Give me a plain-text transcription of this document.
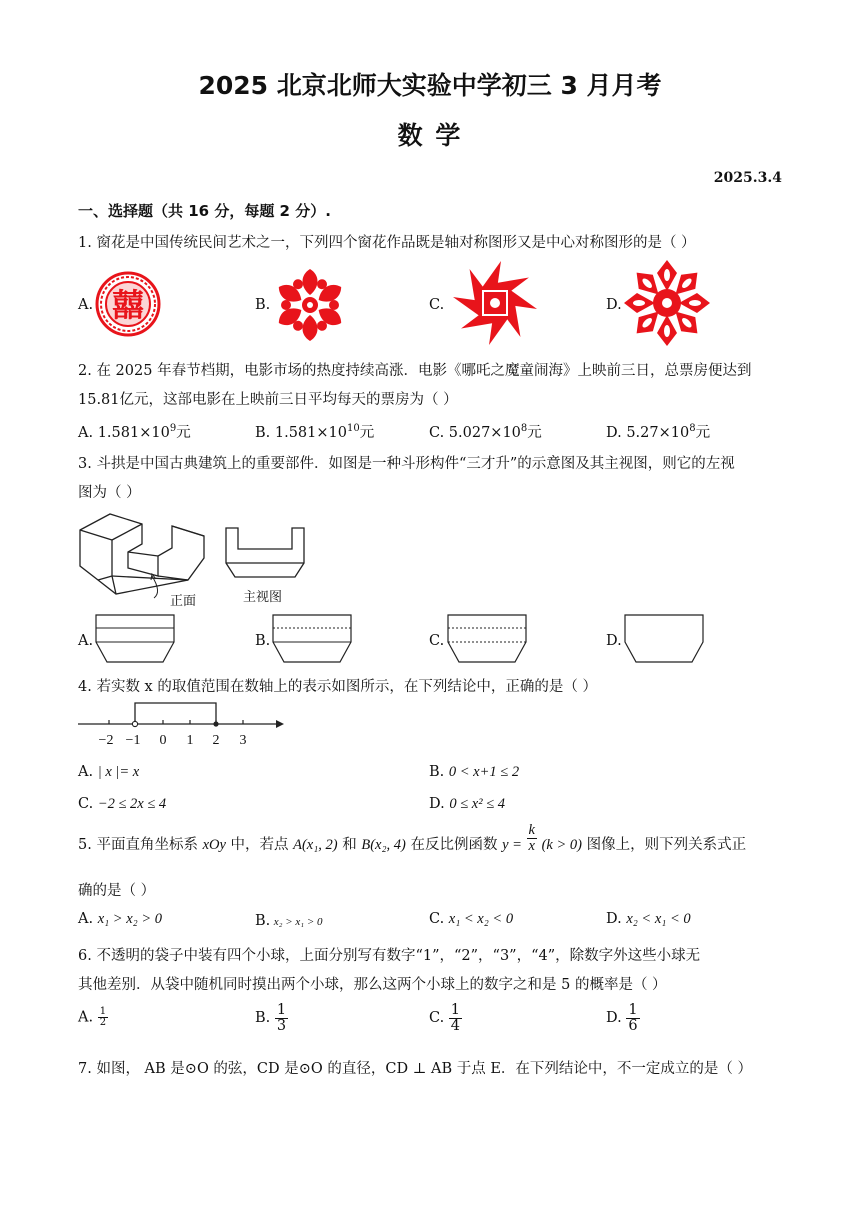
2025 北京北师大实验中学初三 3 月月考
数 学
2025.3.4
一、选择题（共 16 分，每题 2 分）.
1. 窗花是中国传统民间艺术之一，下列四个窗花作品既是轴对称图形又是中心对称图形的是（ ）
A.	B.	C.	D.
囍
2. 在 2025 年春节档期，电影市场的热度持续高涨．电影《哪吒之魔童闹海》上映前三日，总票房便达到
15.81亿元，这部电影在上映前三日平均每天的票房为（ ）
A. $1.581\times 10^9$元	B. $1.581\times 10^{10}$元	C. $5.027\times 10^8$元	D. $5.27\times 10^8$元
3. 斗拱是中国古典建筑上的重要部件．如图是一种斗形构件“三才升”的示意图及其主视图，则它的左视
图为（ ）
正面	主视图
A.	B.	C.	D.
4. 若实数 x 的取值范围在数轴上的表示如图所示，在下列结论中，正确的是（ ）
−2 −1 0 1 2 3
A. | x |= x	B. 0 < x+1 ≤ 2
C. −2 ≤ 2x ≤ 4	D. 0 ≤ x² ≤ 4
5. 平面直角坐标系 xOy 中，若点 A(x₁, 2) 和 B(x₂, 4) 在反比例函数 $y = \frac{k}{x} (k > 0)$ 图像上，则下列关系式正
确的是（ ）
A. x₁ > x₂ > 0	B. x₂ > x₁ > 0	C. x₁ < x₂ < 0	D. x₂ < x₁ < 0
6. 不透明的袋子中装有四个小球，上面分别写有数字“1”，“2”，“3”，“4”，除数字外这些小球无
其他差别．从袋中随机同时摸出两个小球，那么这两个小球上的数字之和是 5 的概率是（ ）
A. $\frac{1}{2}$	B. $\frac{1}{3}$	C. $\frac{1}{4}$	D. $\frac{1}{6}$
7. 如图， AB 是⊙O 的弦，CD 是⊙O 的直径，CD ⊥ AB 于点 E．在下列结论中，不一定成立的是（ ）
